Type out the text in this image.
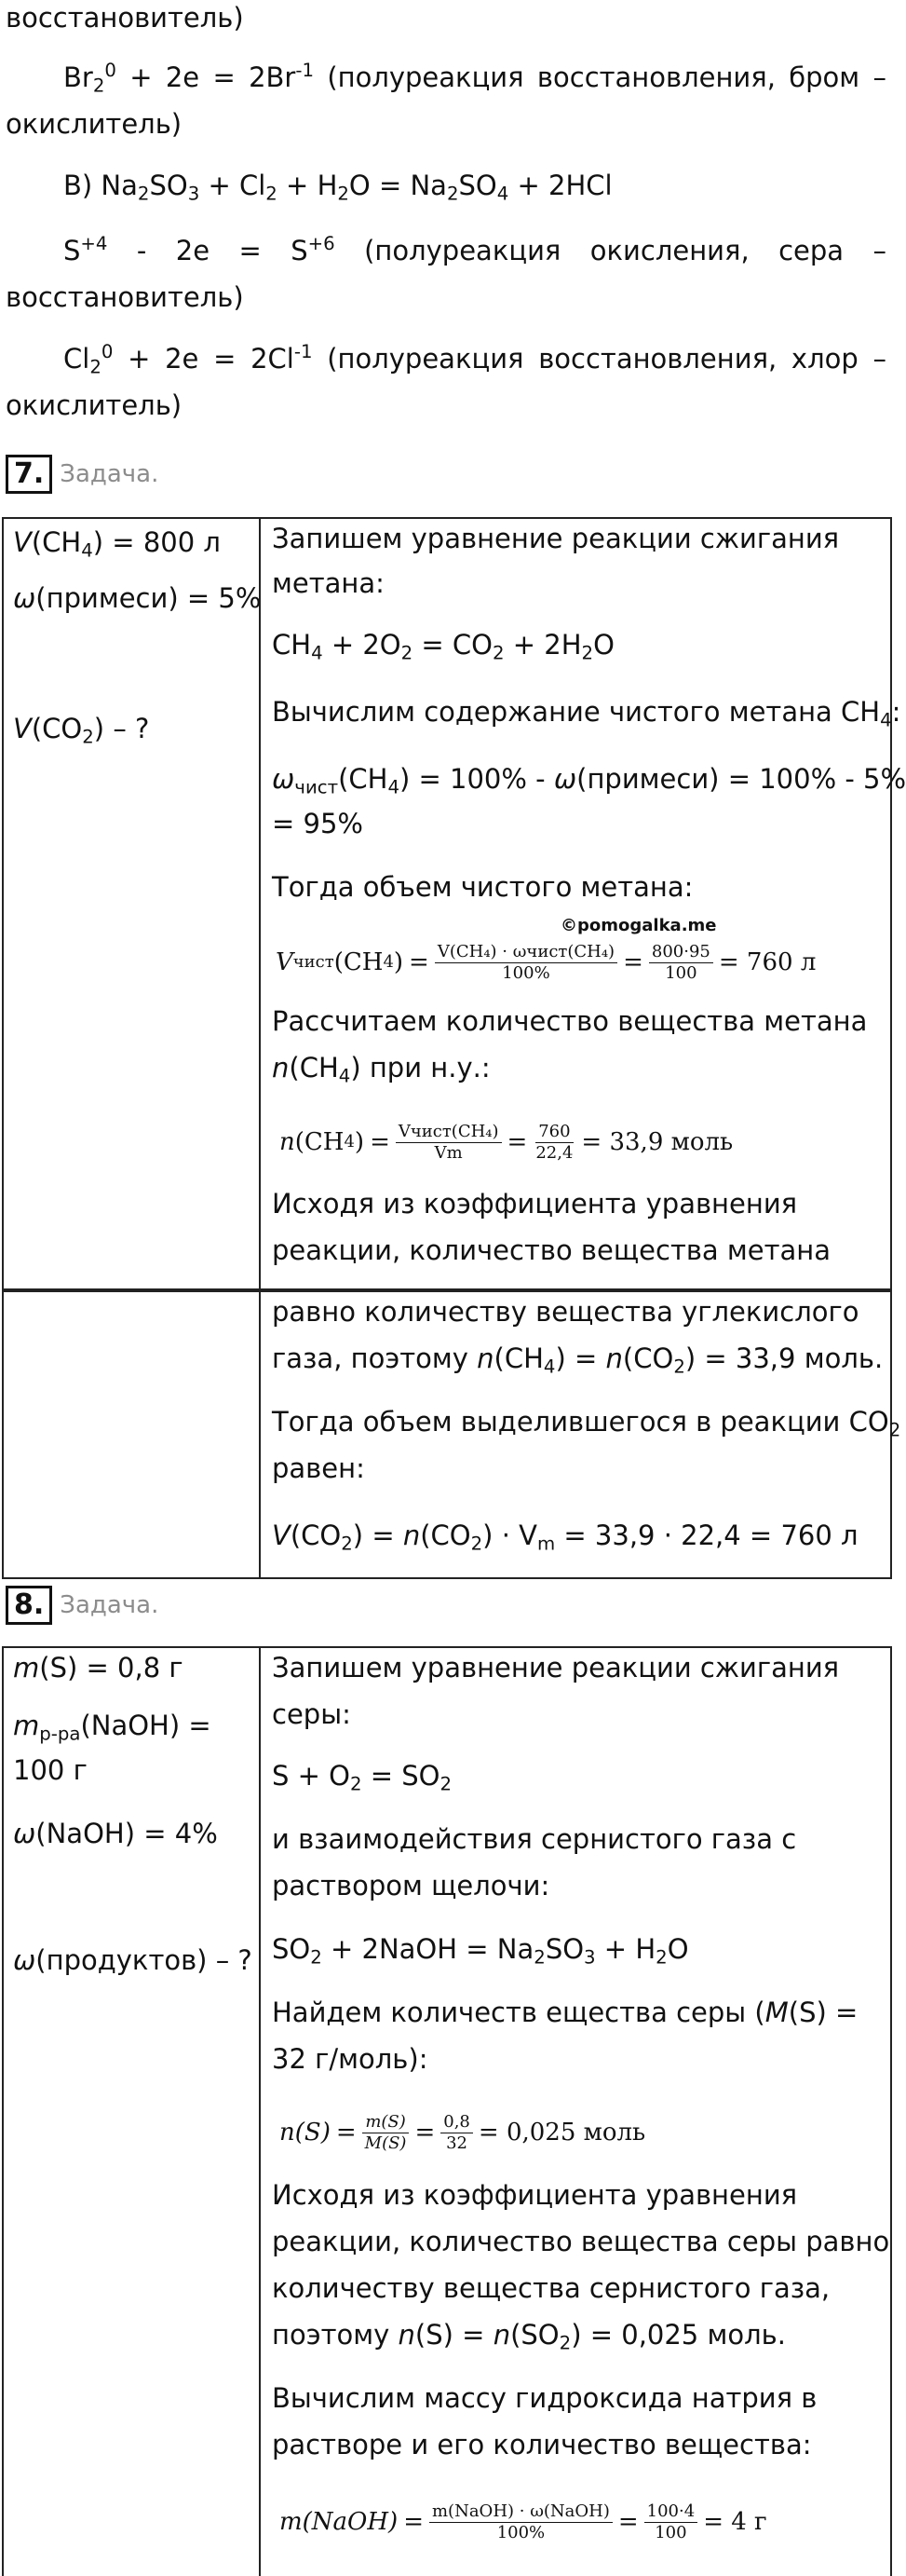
восстановитель)
$Br_2^0 + 2e = 2Br^{-1}$ (полуреакция восстановления, бром –
окислитель)
В) $Na_2SO_3 + Cl_2 + H_2O = Na_2SO_4 + 2HCl$
$S^{+4} - 2e = S^{+6}$ (полуреакция окисления, сера –
восстановитель)
$Cl_2^0 + 2e = 2Cl^{-1}$ (полуреакция восстановления, хлор –
окислитель)
7. Задача.
$V(CH_4) = 800$ л
ω(примеси) = 5%
$V(CO_2)$ – ?
Запишем уравнение реакции сжигания
метана:
$CH_4 + 2O_2 = CO_2 + 2H_2O$
Вычислим содержание чистого метана $CH_4$:
$\omega_{чист}(CH_4) = 100\%$ - ω(примеси) = 100% - 5%
= 95%
Тогда объем чистого метана:
©pomogalka.me
V чист (CH 4 ) = $\frac{\text{V(CH₄) · ωчист(CH₄)}}{100\%} = \frac{800\cdot 95}{100} = 760$ л
Рассчитаем количество вещества метана
$n(CH_4)$ при н.у.:
n (CH 4 ) = $\frac{\text{Vчист(CH₄)}}{Vm} = \frac{760}{22,4} = 33,9$ моль
Исходя из коэффициента уравнения
реакции, количество вещества метана
равно количеству вещества углекислого
газа, поэтому $n(CH_4) = n(CO_2) = 33,9$ моль.
Тогда объем выделившегося в реакции $CO_2$
равен:
$V(CO_2) = n(CO_2) \cdot V_m = 33,9 \cdot 22,4 = 760$ л
8. Задача.
m(S) = 0,8 г
$m_{р-ра}(NaOH)$ =
100 г
ω(NaOH) = 4%
ω(продуктов) – ?
Запишем уравнение реакции сжигания
серы:
$S + O_2 = SO_2$
и взаимодействия сернистого газа с
раствором щелочи:
$SO_2$ + 2NaOH = $Na_2SO_3 + H_2O$
Найдем количеств ещества серы (M(S) =
32 г/моль):
$n(S) = \frac{m(S)}{M(S)} = \frac{0,8}{32} = 0,025$ моль
Исходя из коэффициента уравнения
реакции, количество вещества серы равно
количеству вещества сернистого газа,
поэтому $n(S) = n(SO_2) = 0,025$ моль.
Вычислим массу гидроксида натрия в
растворе и его количество вещества:
m(NaOH) = $\frac{\text{m(NaOH) · ω(NaOH)}}{100\%} = \frac{100\cdot 4}{100} = 4$ г
